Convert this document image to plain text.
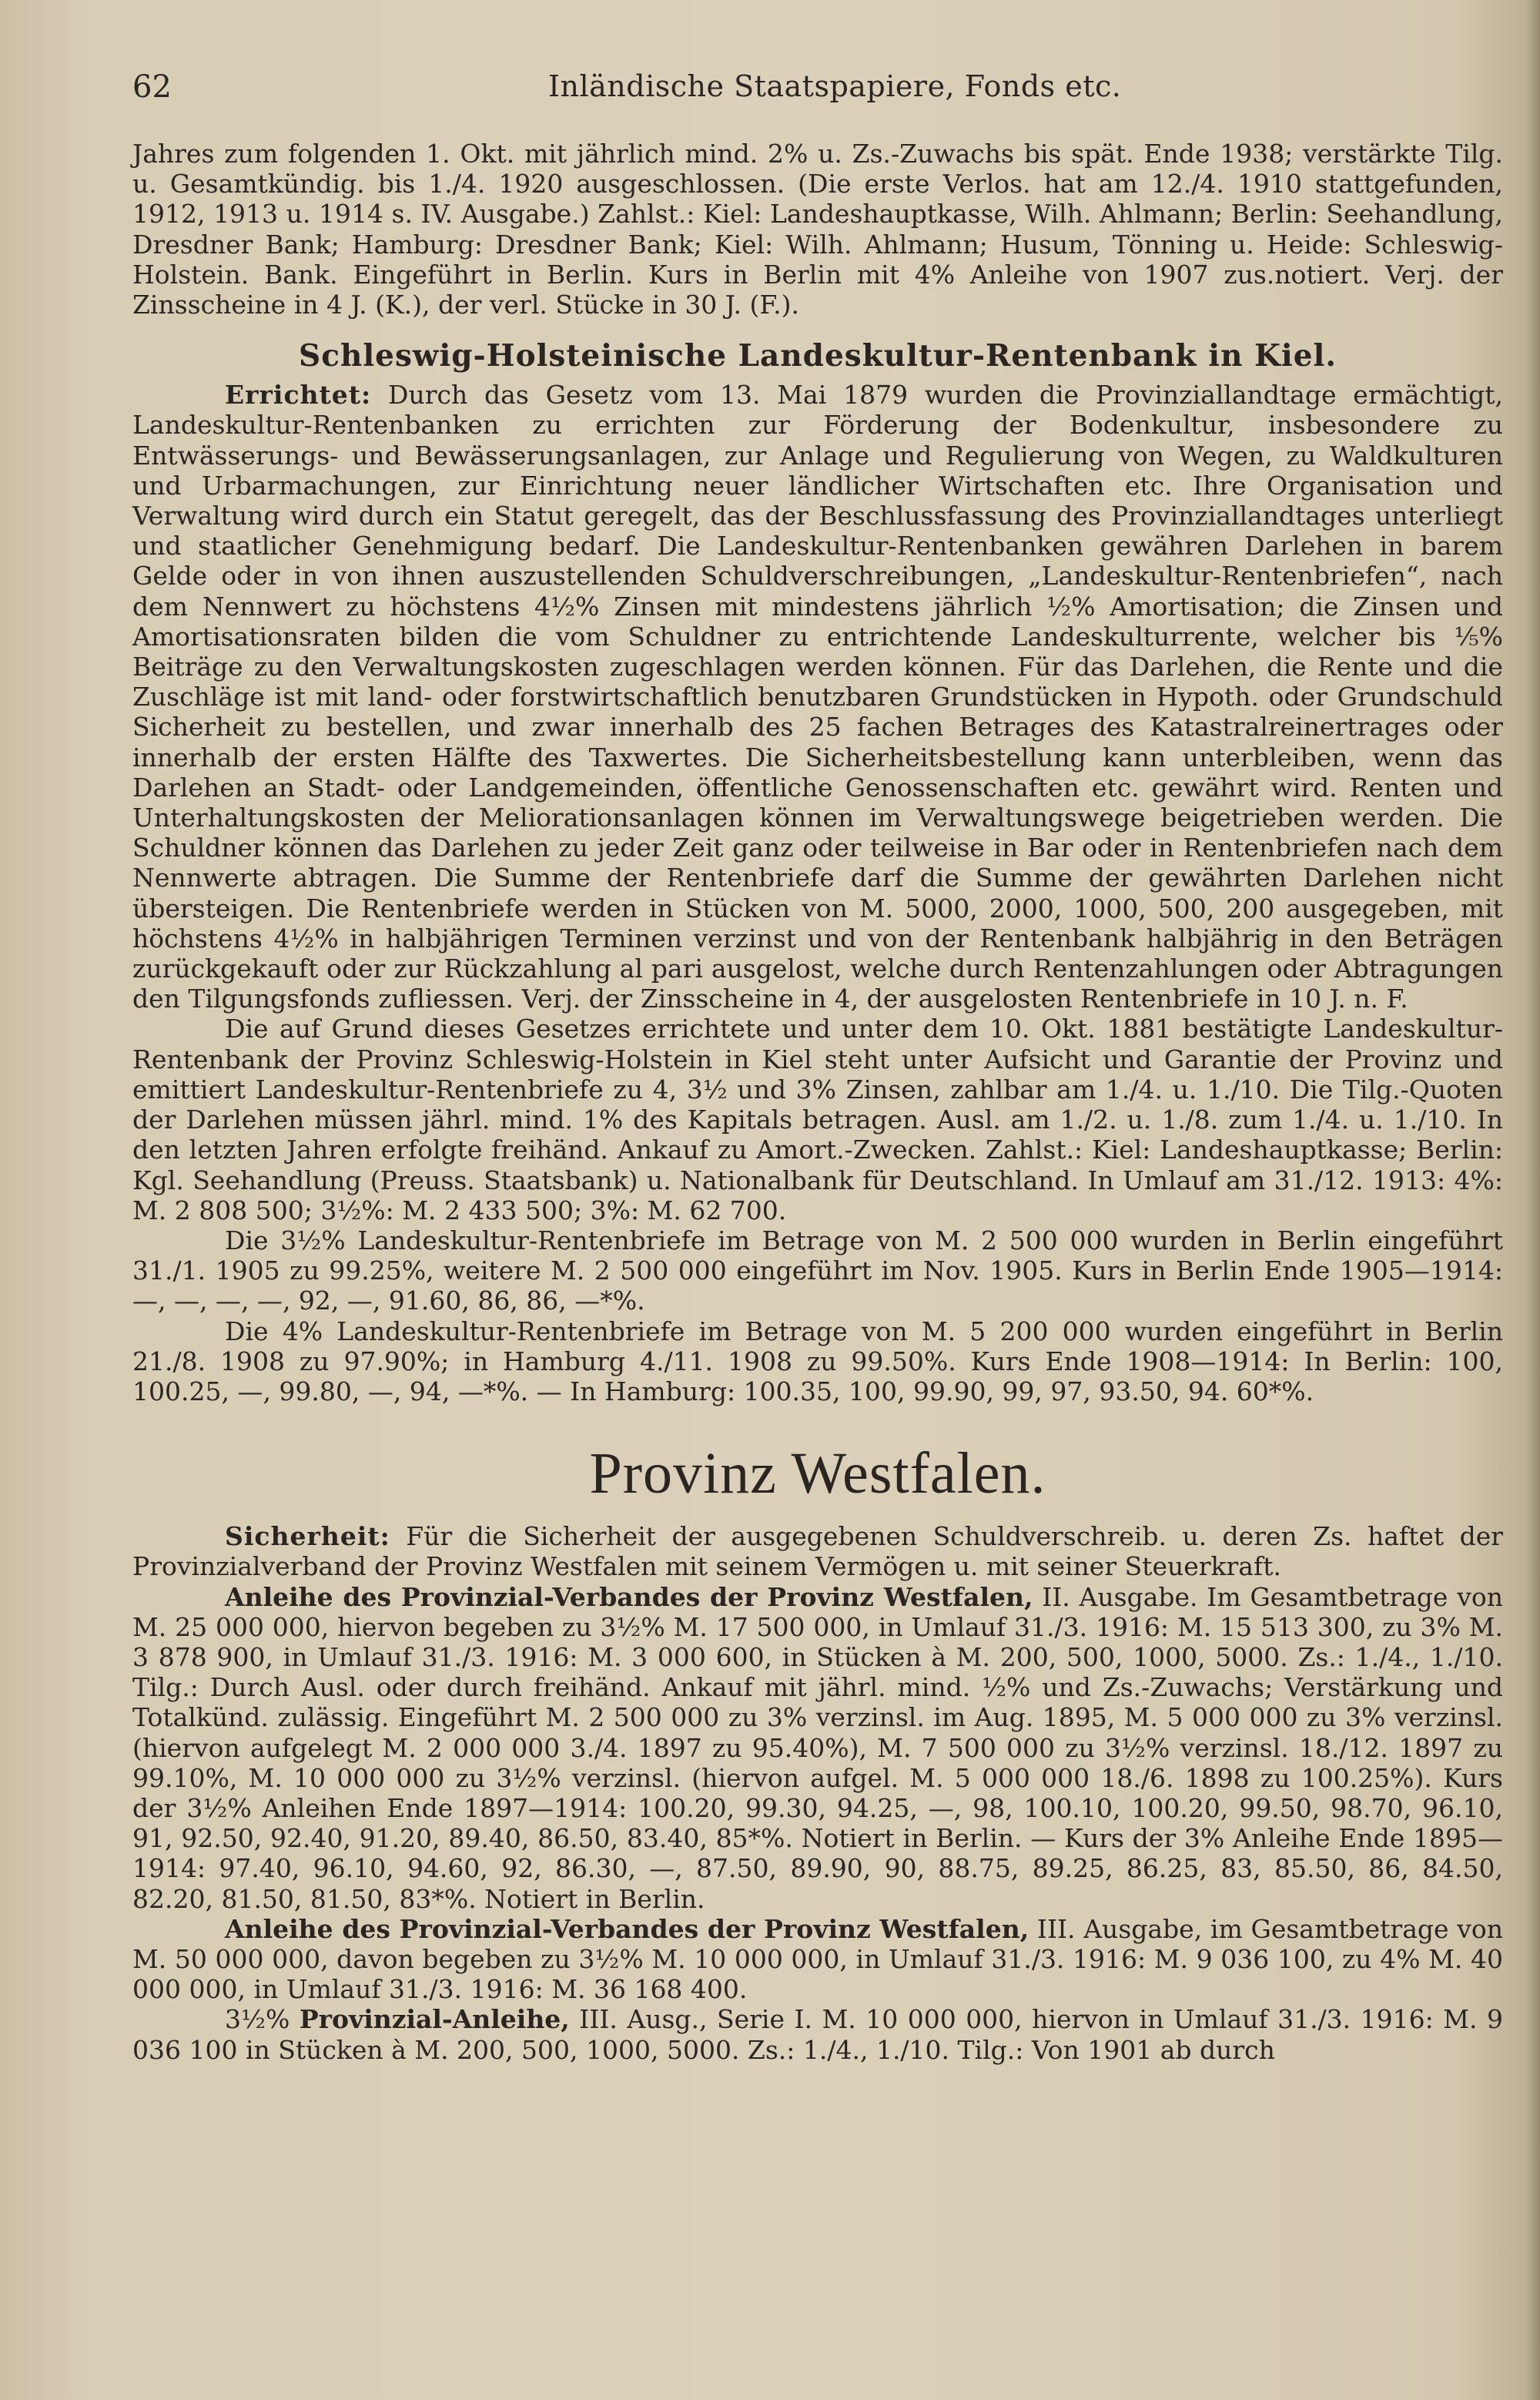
62	Inländische Staatspapiere, Fonds etc.

Jahres zum folgenden 1. Okt. mit jährlich mind. 2% u. Zs.-Zuwachs bis spät. Ende 1938; verstärkte Tilg. u. Gesamtkündig. bis 1./4. 1920 ausgeschlossen. (Die erste Verlos. hat am 12./4. 1910 stattgefunden, 1912, 1913 u. 1914 s. IV. Ausgabe.) Zahlst.: Kiel: Landeshauptkasse, Wilh. Ahlmann; Berlin: Seehandlung, Dresdner Bank; Hamburg: Dresdner Bank; Kiel: Wilh. Ahlmann; Husum, Tönning u. Heide: Schleswig-Holstein. Bank. Eingeführt in Berlin. Kurs in Berlin mit 4% Anleihe von 1907 zus.notiert. Verj. der Zinsscheine in 4 J. (K.), der verl. Stücke in 30 J. (F.).

Schleswig-Holsteinische Landeskultur-Rentenbank in Kiel.

Errichtet: Durch das Gesetz vom 13. Mai 1879 wurden die Provinziallandtage ermächtigt, Landeskultur-Rentenbanken zu errichten zur Förderung der Bodenkultur, insbesondere zu Entwässerungs- und Bewässerungsanlagen, zur Anlage und Regulierung von Wegen, zu Waldkulturen und Urbarmachungen, zur Einrichtung neuer ländlicher Wirtschaften etc. Ihre Organisation und Verwaltung wird durch ein Statut geregelt, das der Beschlussfassung des Provinziallandtages unterliegt und staatlicher Genehmigung bedarf. Die Landeskultur-Rentenbanken gewähren Darlehen in barem Gelde oder in von ihnen auszustellenden Schuldverschreibungen, „Landeskultur-Rentenbriefen“, nach dem Nennwert zu höchstens 4½% Zinsen mit mindestens jährlich ½% Amortisation; die Zinsen und Amortisationsraten bilden die vom Schuldner zu entrichtende Landeskulturrente, welcher bis ⅕% Beiträge zu den Verwaltungskosten zugeschlagen werden können. Für das Darlehen, die Rente und die Zuschläge ist mit land- oder forstwirtschaftlich benutzbaren Grundstücken in Hypoth. oder Grundschuld Sicherheit zu bestellen, und zwar innerhalb des 25 fachen Betrages des Katastralreinertrages oder innerhalb der ersten Hälfte des Taxwertes. Die Sicherheitsbestellung kann unterbleiben, wenn das Darlehen an Stadt- oder Landgemeinden, öffentliche Genossenschaften etc. gewährt wird. Renten und Unterhaltungskosten der Meliorationsanlagen können im Verwaltungswege beigetrieben werden. Die Schuldner können das Darlehen zu jeder Zeit ganz oder teilweise in Bar oder in Rentenbriefen nach dem Nennwerte abtragen. Die Summe der Rentenbriefe darf die Summe der gewährten Darlehen nicht übersteigen. Die Rentenbriefe werden in Stücken von M. 5000, 2000, 1000, 500, 200 ausgegeben, mit höchstens 4½% in halbjährigen Terminen verzinst und von der Rentenbank halbjährig in den Beträgen zurückgekauft oder zur Rückzahlung al pari ausgelost, welche durch Rentenzahlungen oder Abtragungen den Tilgungsfonds zufliessen. Verj. der Zinsscheine in 4, der ausgelosten Rentenbriefe in 10 J. n. F.

Die auf Grund dieses Gesetzes errichtete und unter dem 10. Okt. 1881 bestätigte Landeskultur-Rentenbank der Provinz Schleswig-Holstein in Kiel steht unter Aufsicht und Garantie der Provinz und emittiert Landeskultur-Rentenbriefe zu 4, 3½ und 3% Zinsen, zahlbar am 1./4. u. 1./10. Die Tilg.-Quoten der Darlehen müssen jährl. mind. 1% des Kapitals betragen. Ausl. am 1./2. u. 1./8. zum 1./4. u. 1./10. In den letzten Jahren erfolgte freihänd. Ankauf zu Amort.-Zwecken. Zahlst.: Kiel: Landeshauptkasse; Berlin: Kgl. Seehandlung (Preuss. Staatsbank) u. Nationalbank für Deutschland. In Umlauf am 31./12. 1913: 4%: M. 2 808 500; 3½%: M. 2 433 500; 3%: M. 62 700.

Die 3½% Landeskultur-Rentenbriefe im Betrage von M. 2 500 000 wurden in Berlin eingeführt 31./1. 1905 zu 99.25%, weitere M. 2 500 000 eingeführt im Nov. 1905. Kurs in Berlin Ende 1905—1914: —, —, —, —, 92, —, 91.60, 86, 86, —*%.

Die 4% Landeskultur-Rentenbriefe im Betrage von M. 5 200 000 wurden eingeführt in Berlin 21./8. 1908 zu 97.90%; in Hamburg 4./11. 1908 zu 99.50%. Kurs Ende 1908—1914: In Berlin: 100, 100.25, —, 99.80, —, 94, —*%. — In Hamburg: 100.35, 100, 99.90, 99, 97, 93.50, 94. 60*%.

Provinz Westfalen.

Sicherheit: Für die Sicherheit der ausgegebenen Schuldverschreib. u. deren Zs. haftet der Provinzialverband der Provinz Westfalen mit seinem Vermögen u. mit seiner Steuerkraft.

Anleihe des Provinzial-Verbandes der Provinz Westfalen, II. Ausgabe. Im Gesamtbetrage von M. 25 000 000, hiervon begeben zu 3½% M. 17 500 000, in Umlauf 31./3. 1916: M. 15 513 300, zu 3% M. 3 878 900, in Umlauf 31./3. 1916: M. 3 000 600, in Stücken à M. 200, 500, 1000, 5000. Zs.: 1./4., 1./10. Tilg.: Durch Ausl. oder durch freihänd. Ankauf mit jährl. mind. ½% und Zs.-Zuwachs; Verstärkung und Totalkünd. zulässig. Eingeführt M. 2 500 000 zu 3% verzinsl. im Aug. 1895, M. 5 000 000 zu 3% verzinsl. (hiervon aufgelegt M. 2 000 000 3./4. 1897 zu 95.40%), M. 7 500 000 zu 3½% verzinsl. 18./12. 1897 zu 99.10%, M. 10 000 000 zu 3½% verzinsl. (hiervon aufgel. M. 5 000 000 18./6. 1898 zu 100.25%). Kurs der 3½% Anleihen Ende 1897—1914: 100.20, 99.30, 94.25, —, 98, 100.10, 100.20, 99.50, 98.70, 96.10, 91, 92.50, 92.40, 91.20, 89.40, 86.50, 83.40, 85*%. Notiert in Berlin. — Kurs der 3% Anleihe Ende 1895—1914: 97.40, 96.10, 94.60, 92, 86.30, —, 87.50, 89.90, 90, 88.75, 89.25, 86.25, 83, 85.50, 86, 84.50, 82.20, 81.50, 81.50, 83*%. Notiert in Berlin.

Anleihe des Provinzial-Verbandes der Provinz Westfalen, III. Ausgabe, im Gesamtbetrage von M. 50 000 000, davon begeben zu 3½% M. 10 000 000, in Umlauf 31./3. 1916: M. 9 036 100, zu 4% M. 40 000 000, in Umlauf 31./3. 1916: M. 36 168 400.

3½% Provinzial-Anleihe, III. Ausg., Serie I. M. 10 000 000, hiervon in Umlauf 31./3. 1916: M. 9 036 100 in Stücken à M. 200, 500, 1000, 5000. Zs.: 1./4., 1./10. Tilg.: Von 1901 ab durch
